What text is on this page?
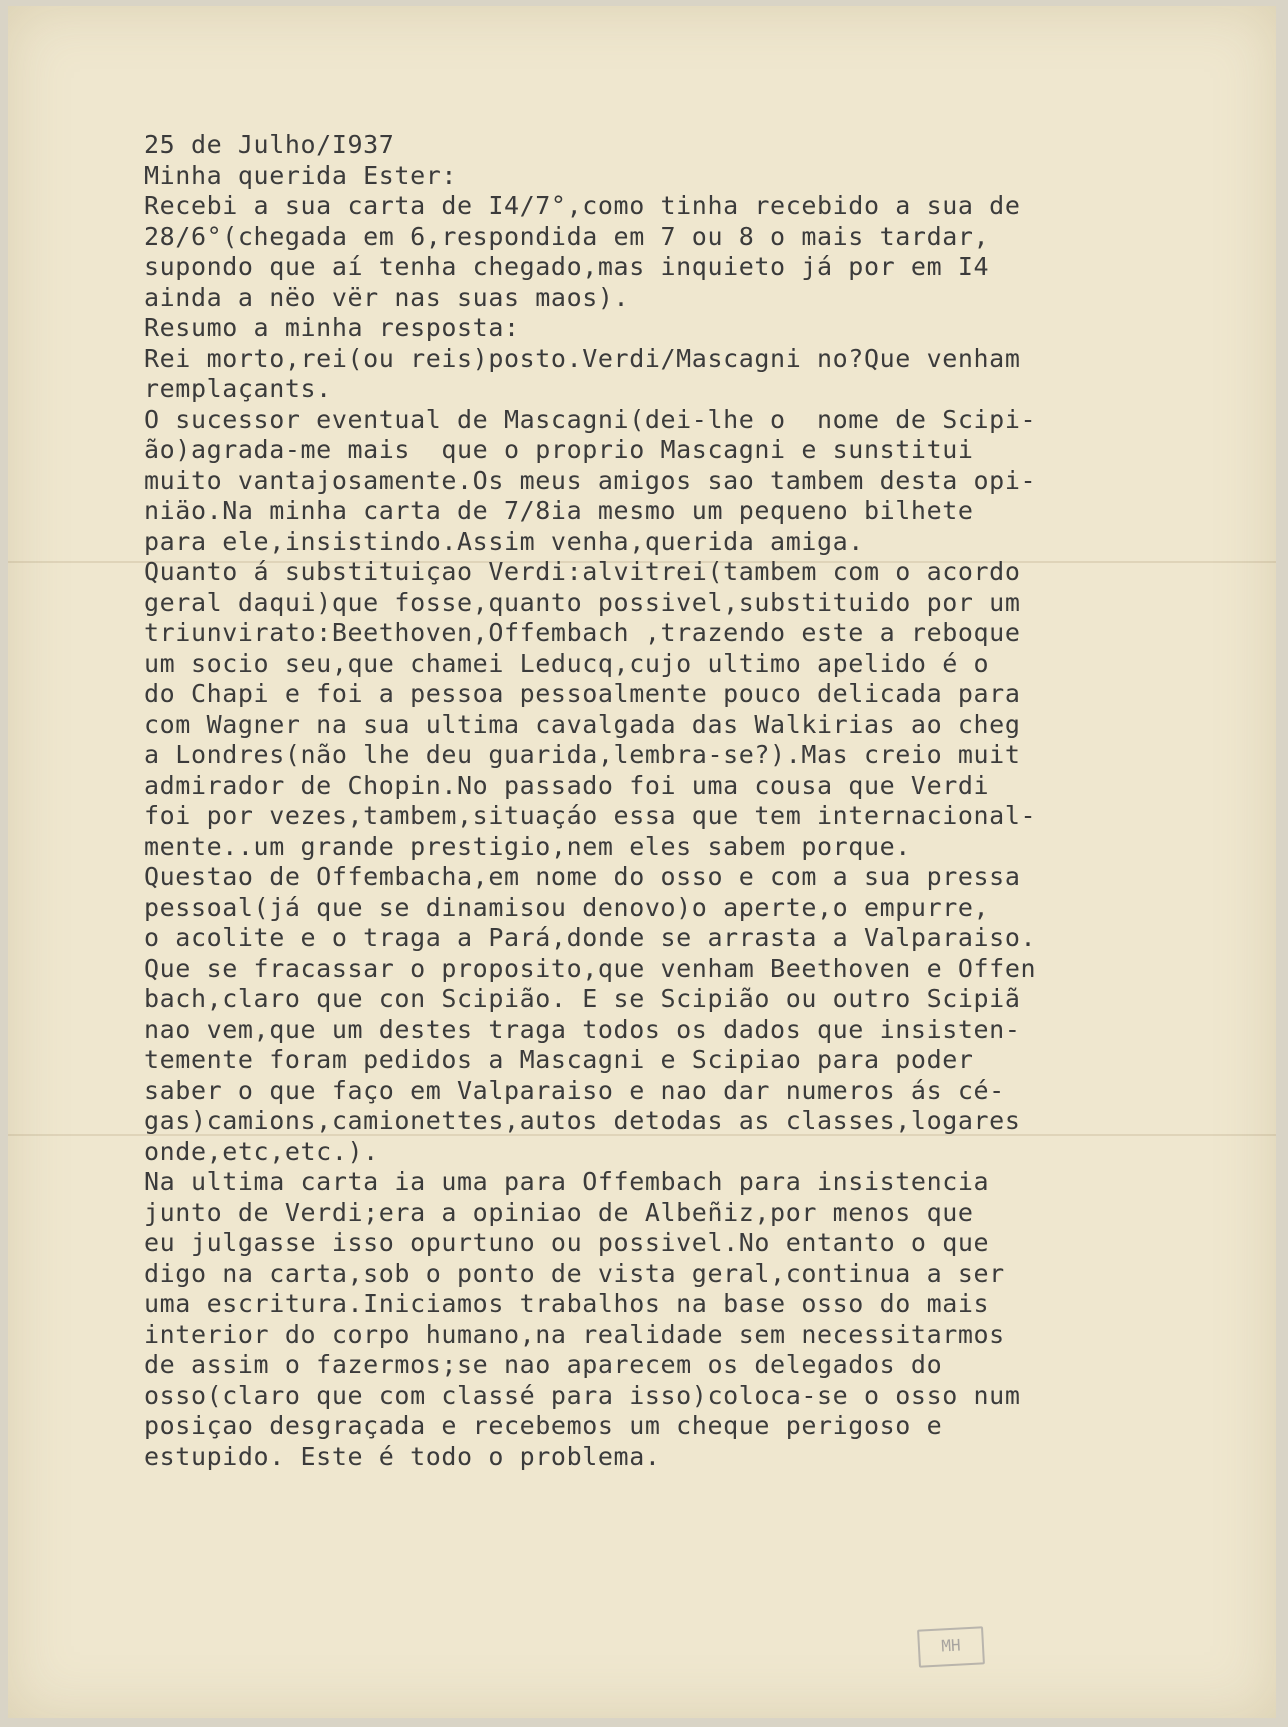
25 de Julho/I937
Minha querida Ester:
Recebi a sua carta de I4/7°,como tinha recebido a sua de
28/6°(chegada em 6,respondida em 7 ou 8 o mais tardar,
supondo que aí tenha chegado,mas inquieto já por em I4
ainda a nëo vër nas suas maos).
Resumo a minha resposta:
Rei morto,rei(ou reis)posto.Verdi/Mascagni no?Que venham
remplaçants.
O sucessor eventual de Mascagni(dei-lhe o  nome de Scipi-
ão)agrada-me mais  que o proprio Mascagni e sunstitui
muito vantajosamente.Os meus amigos sao tambem desta opi-
niäo.Na minha carta de 7/8ia mesmo um pequeno bilhete
para ele,insistindo.Assim venha,querida amiga.
Quanto á substituiçao Verdi:alvitrei(tambem com o acordo
geral daqui)que fosse,quanto possivel,substituido por um
triunvirato:Beethoven,Offembach ,trazendo este a reboque
um socio seu,que chamei Leducq,cujo ultimo apelido é o
do Chapi e foi a pessoa pessoalmente pouco delicada para
com Wagner na sua ultima cavalgada das Walkirias ao cheg
a Londres(não lhe deu guarida,lembra-se?).Mas creio muit
admirador de Chopin.No passado foi uma cousa que Verdi
foi por vezes,tambem,situaçáo essa que tem internacional-
mente..um grande prestigio,nem eles sabem porque.
Questao de Offembacha,em nome do osso e com a sua pressa
pessoal(já que se dinamisou denovo)o aperte,o empurre,
o acolite e o traga a Pará,donde se arrasta a Valparaiso.
Que se fracassar o proposito,que venham Beethoven e Offen
bach,claro que con Scipião. E se Scipião ou outro Scipiã
nao vem,que um destes traga todos os dados que insisten-
temente foram pedidos a Mascagni e Scipiao para poder
saber o que faço em Valparaiso e nao dar numeros ás cé-
gas)camions,camionettes,autos detodas as classes,logares
onde,etc,etc.).
Na ultima carta ia uma para Offembach para insistencia
junto de Verdi;era a opiniao de Albeñiz,por menos que
eu julgasse isso opurtuno ou possivel.No entanto o que
digo na carta,sob o ponto de vista geral,continua a ser
uma escritura.Iniciamos trabalhos na base osso do mais
interior do corpo humano,na realidade sem necessitarmos
de assim o fazermos;se nao aparecem os delegados do
osso(claro que com classé para isso)coloca-se o osso num
posiçao desgraçada e recebemos um cheque perigoso e
estupido. Este é todo o problema.
MH
